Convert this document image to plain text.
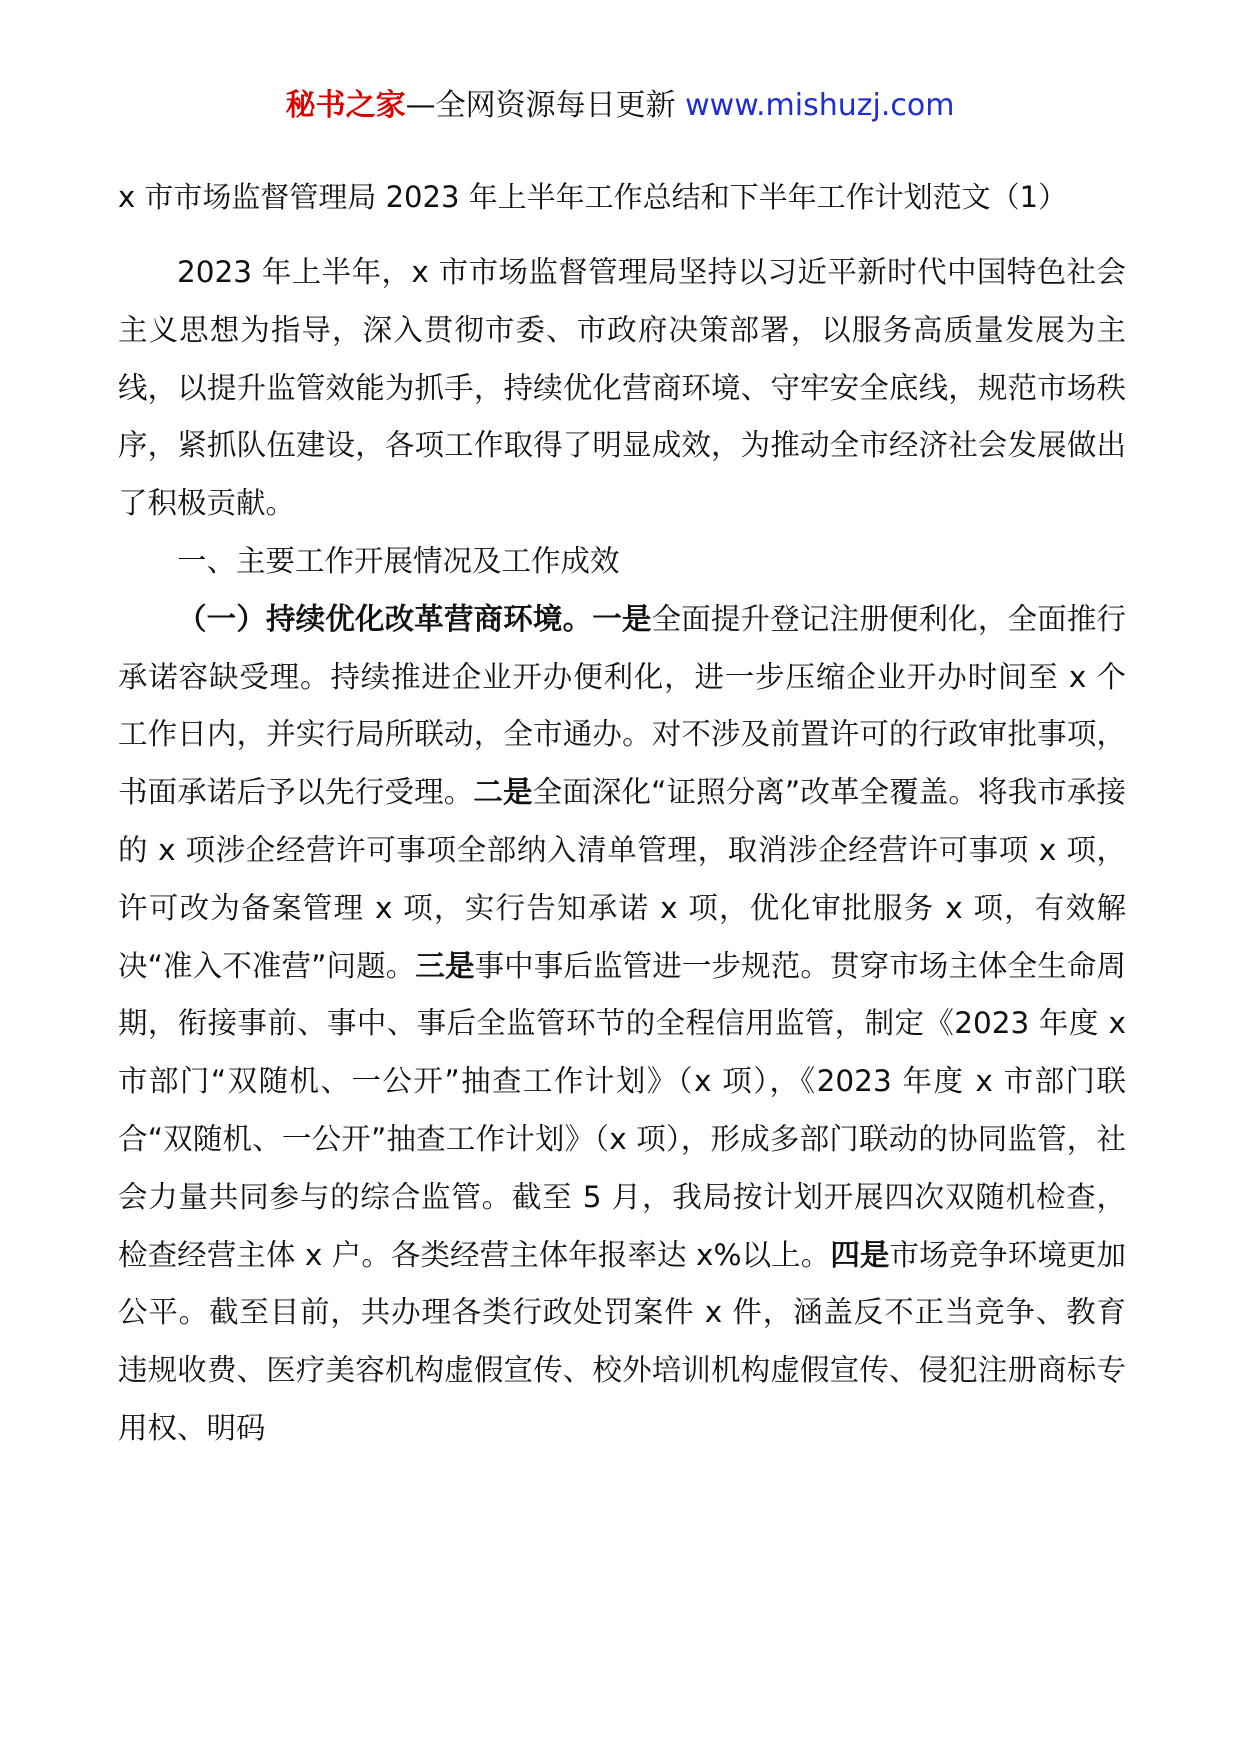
秘书之家—全网资源每日更新 www.mishuzj.com
x 市市场监督管理局 2023 年上半年工作总结和下半年工作计划范文（1）

2023 年上半年，x 市市场监督管理局坚持以习近平新时代中国特色社会主义思想为指导，深入贯彻市委、市政府决策部署，以服务高质量发展为主线，以提升监管效能为抓手，持续优化营商环境、守牢安全底线，规范市场秩序，紧抓队伍建设，各项工作取得了明显成效，为推动全市经济社会发展做出了积极贡献。

一、主要工作开展情况及工作成效

（一）持续优化改革营商环境。一是全面提升登记注册便利化，全面推行承诺容缺受理。持续推进企业开办便利化，进一步压缩企业开办时间至 x 个工作日内，并实行局所联动，全市通办。对不涉及前置许可的行政审批事项，书面承诺后予以先行受理。二是全面深化“证照分离”改革全覆盖。将我市承接的 x 项涉企经营许可事项全部纳入清单管理，取消涉企经营许可事项 x 项，许可改为备案管理 x 项，实行告知承诺 x 项，优化审批服务 x 项，有效解决“准入不准营”问题。三是事中事后监管进一步规范。贯穿市场主体全生命周期，衔接事前、事中、事后全监管环节的全程信用监管，制定《2023 年度 x 市部门“双随机、一公开”抽查工作计划》（x 项），《2023 年度 x 市部门联合“双随机、一公开”抽查工作计划》（x 项），形成多部门联动的协同监管，社会力量共同参与的综合监管。截至 5 月，我局按计划开展四次双随机检查，检查经营主体 x 户。各类经营主体年报率达 x%以上。四是市场竞争环境更加公平。截至目前，共办理各类行政处罚案件 x 件，涵盖反不正当竞争、教育违规收费、医疗美容机构虚假宣传、校外培训机构虚假宣传、侵犯注册商标专用权、明码
